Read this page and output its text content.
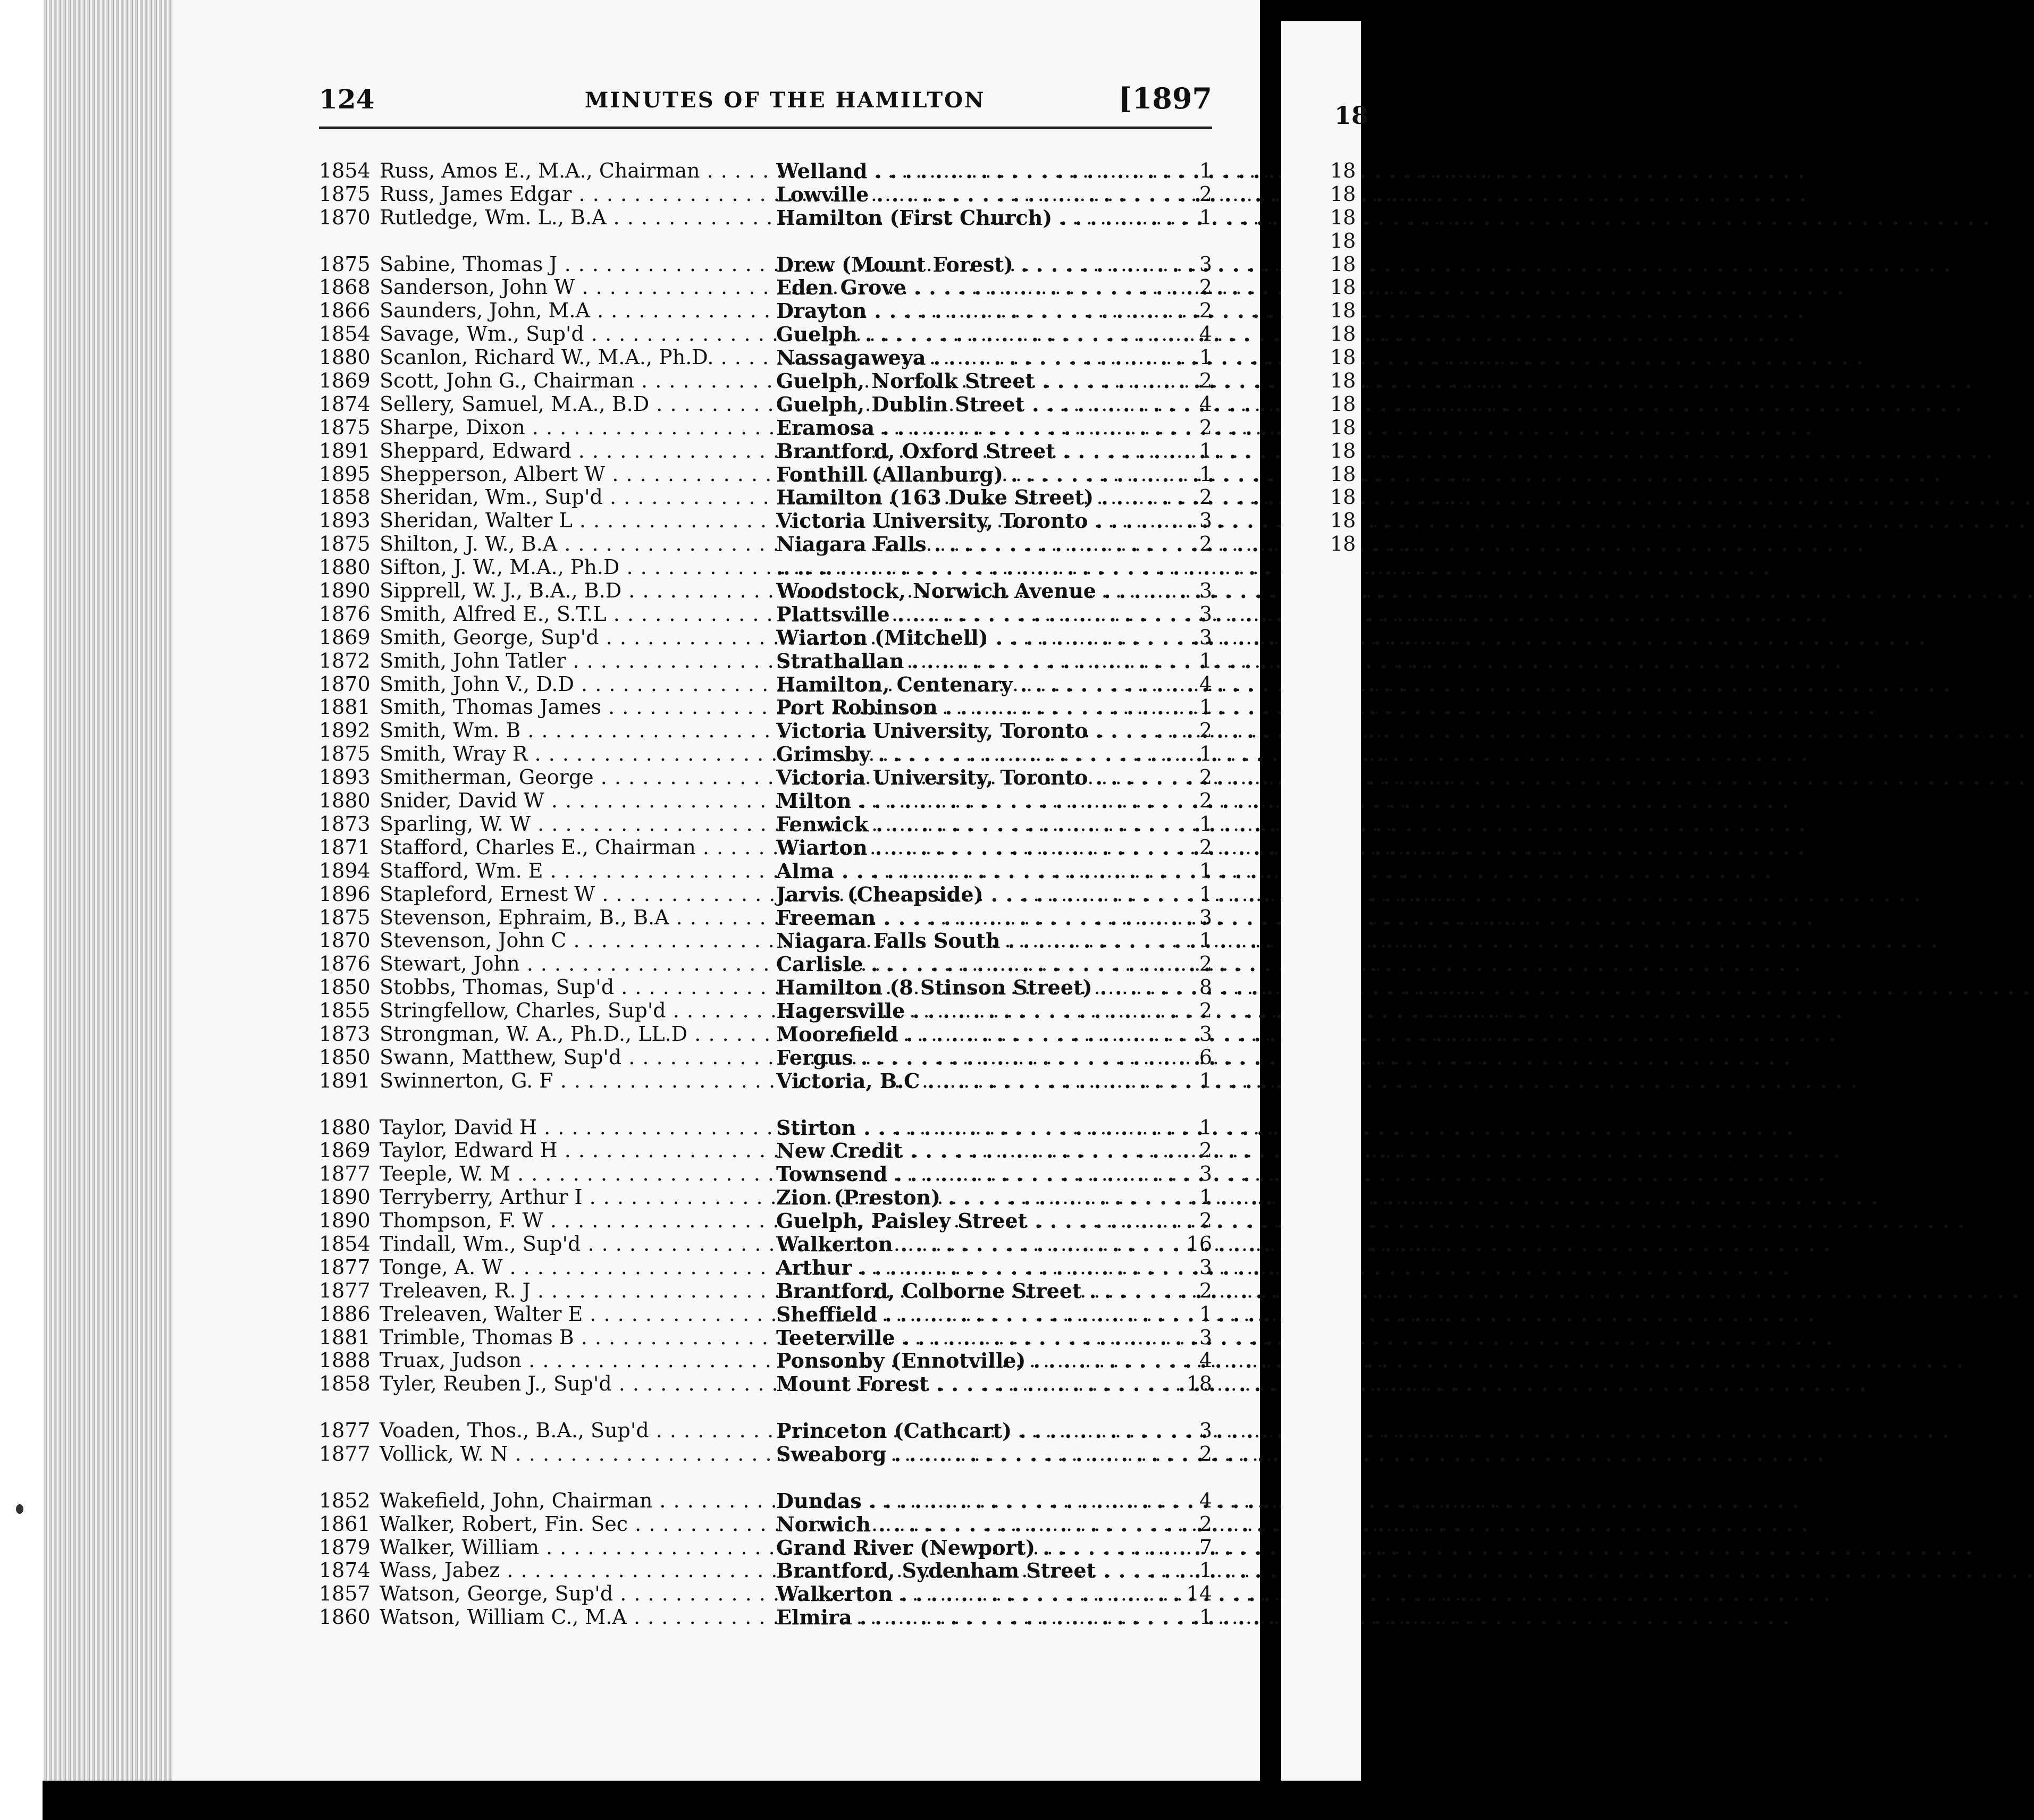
124	MINUTES OF THE HAMILTON	[1897
1854 Russ, Amos E., M.A., Chairman . . .	Welland . . .	1
1875 Russ, James Edgar . . .	Lowville . . .	2
1870 Rutledge, Wm. L., B.A . . .	Hamilton (First Church) . . .	1
1875 Sabine, Thomas J . . .	Drew (Mount Forest) . . .	3
1868 Sanderson, John W . . .	Eden Grove . . .	2
1866 Saunders, John, M.A . . .	Drayton . . .	2
1854 Savage, Wm., Sup'd . . .	Guelph . . .	4
1880 Scanlon, Richard W., M.A., Ph.D. . . .	Nassagaweya . . .	1
1869 Scott, John G., Chairman . . .	Guelph, Norfolk Street . . .	2
1874 Sellery, Samuel, M.A., B.D . . .	Guelph, Dublin Street . . .	4
1875 Sharpe, Dixon . . .	Eramosa . . .	2
1891 Sheppard, Edward . . .	Brantford, Oxford Street . . .	1
1895 Shepperson, Albert W . . .	Fonthill (Allanburg) . . .	1
1858 Sheridan, Wm., Sup'd . . .	Hamilton (163 Duke Street) . . .	2
1893 Sheridan, Walter L . . .	Victoria University, Toronto . . .	3
1875 Shilton, J. W., B.A . . .	Niagara Falls . . .	2
1880 Sifton, J. W., M.A., Ph.D . . .	.. .. .. . . .
1890 Sipprell, W. J., B.A., B.D . . .	Woodstock, Norwich Avenue . . .	3
1876 Smith, Alfred E., S.T.L . . .	Plattsville . . .	3
1869 Smith, George, Sup'd . . .	Wiarton (Mitchell) . . .	3
1872 Smith, John Tatler . . .	Strathallan . . .	1
1870 Smith, John V., D.D . . .	Hamilton, Centenary . . .	4
1881 Smith, Thomas James . . .	Port Robinson . . .	1
1892 Smith, Wm. B . . .	Victoria University, Toronto . . .	2
1875 Smith, Wray R . . .	Grimsby . . .	1
1893 Smitherman, George . . .	Victoria University, Toronto . . .	2
1880 Snider, David W . . .	Milton . . .	2
1873 Sparling, W. W . . .	Fenwick . . .	1
1871 Stafford, Charles E., Chairman . . .	Wiarton . . .	2
1894 Stafford, Wm. E . . .	Alma . . .	1
1896 Stapleford, Ernest W . . .	Jarvis (Cheapside) . . .	1
1875 Stevenson, Ephraim, B., B.A . . .	Freeman . . .	3
1870 Stevenson, John C . . .	Niagara Falls South . . .	1
1876 Stewart, John . . .	Carlisle . . .	2
1850 Stobbs, Thomas, Sup'd . . .	Hamilton (8 Stinson Street) . . .	8
1855 Stringfellow, Charles, Sup'd . . .	Hagersville . . .	2
1873 Strongman, W. A., Ph.D., LL.D . . .	Moorefield . . .	3
1850 Swann, Matthew, Sup'd . . .	Fergus . . .	6
1891 Swinnerton, G. F . . .	Victoria, B.C . . .	1
1880 Taylor, David H . . .	Stirton . . .	1
1869 Taylor, Edward H . . .	New Credit . . .	2
1877 Teeple, W. M . . .	Townsend . . .	3
1890 Terryberry, Arthur I . . .	Zion (Preston) . . .	1
1890 Thompson, F. W . . .	Guelph, Paisley Street . . .	2
1854 Tindall, Wm., Sup'd . . .	Walkerton . . .	16
1877 Tonge, A. W . . .	Arthur . . .	3
1877 Treleaven, R. J . . .	Brantford, Colborne Street . . .	2
1886 Treleaven, Walter E . . .	Sheffield . . .	1
1881 Trimble, Thomas B . . .	Teeterville . . .	3
1888 Truax, Judson . . .	Ponsonby (Ennotville) . . .	4
1858 Tyler, Reuben J., Sup'd . . .	Mount Forest . . .	18
1877 Voaden, Thos., B.A., Sup'd . . .	Princeton (Cathcart) . . .	3
1877 Vollick, W. N . . .	Sweaborg . . .	2
1852 Wakefield, John, Chairman . . .	Dundas . . .	4
1861 Walker, Robert, Fin. Sec . . .	Norwich . . .	2
1879 Walker, William . . .	Grand River (Newport) . . .	7
1874 Wass, Jabez . . .	Brantford, Sydenham Street . . .	1
1857 Watson, George, Sup'd . . .	Walkerton . . .	14
1860 Watson, William C., M.A . . .	Elmira . . .	1
18
18
18
18
18
18
18
18
18
18
18
18
18
18
18
18
18
18
